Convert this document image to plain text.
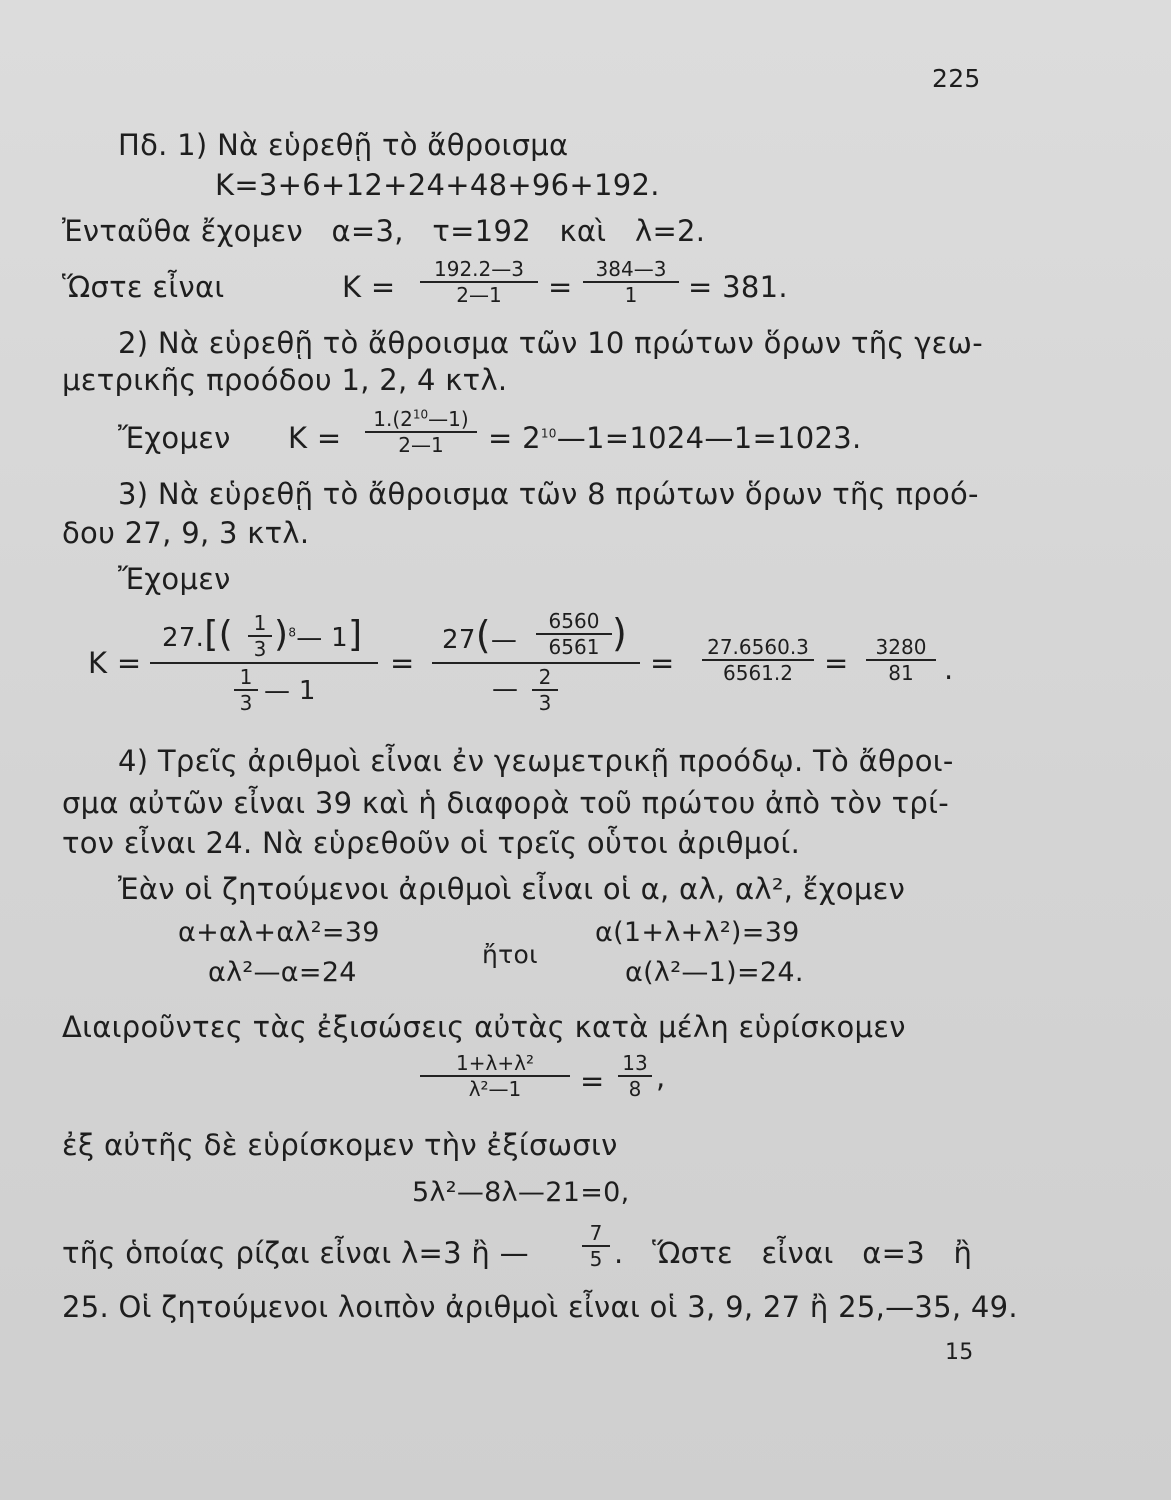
225
Πδ. 1) Νὰ εὑρεθῇ τὸ ἄθροισμα
K=3+6+12+24+48+96+192.
Ἐνταῦθα ἔχομεν   α=3,   τ=192   καὶ   λ=2.
Ὥστε εἶναι	K =
192.2—3
2—1 =
384—3
1 = 381.
2) Νὰ εὑρεθῇ τὸ ἄθροισμα τῶν 10 πρώτων ὅρων τῆς γεω-
μετρικῆς προόδου 1, 2, 4 κτλ.
Ἔχομεν K =
$1.(2^{10}—1)$
2—1 = $2^{10}—1=1024—1=1023$.
3) Νὰ εὑρεθῇ τὸ ἄθροισμα τῶν 8 πρώτων ὅρων τῆς προό-
δου 27, 9, 3 κτλ.
Ἔχομεν
K =
27.[( 1
3 )$^8$— 1]
1
3 — 1
=
27(—
6560
6561 )
— 2
3
=	27.6560.3
6561.2 =	3280
81 .
4) Τρεῖς ἀριθμοὶ εἶναι ἐν γεωμετρικῇ προόδῳ. Τὸ ἄθροι-
σμα αὐτῶν εἶναι 39 καὶ ἡ διαφορὰ τοῦ πρώτου ἀπὸ τὸν τρί-
τον εἶναι 24. Νὰ εὑρεθοῦν οἱ τρεῖς οὗτοι ἀριθμοί.
Ἐὰν οἱ ζητούμενοι ἀριθμοὶ εἶναι οἱ α, αλ, αλ², ἔχομεν
α+αλ+αλ²=39
αλ²—α=24
ἤτοι
α(1+λ+λ²)=39
α(λ²—1)=24.
Διαιροῦντες τὰς ἐξισώσεις αὐτὰς κατὰ μέλη εὑρίσκομεν
1+λ+λ²
λ²—1 =
13
8 ,
ἐξ αὐτῆς δὲ εὑρίσκομεν τὴν ἐξίσωσιν
5λ²—8λ—21=0,
τῆς ὁποίας ρίζαι εἶναι λ=3 ἢ —
7
5 .   Ὥστε   εἶναι   α=3   ἢ
25. Οἱ ζητούμενοι λοιπὸν ἀριθμοὶ εἶναι οἱ 3, 9, 27 ἢ 25,—35, 49.
15
